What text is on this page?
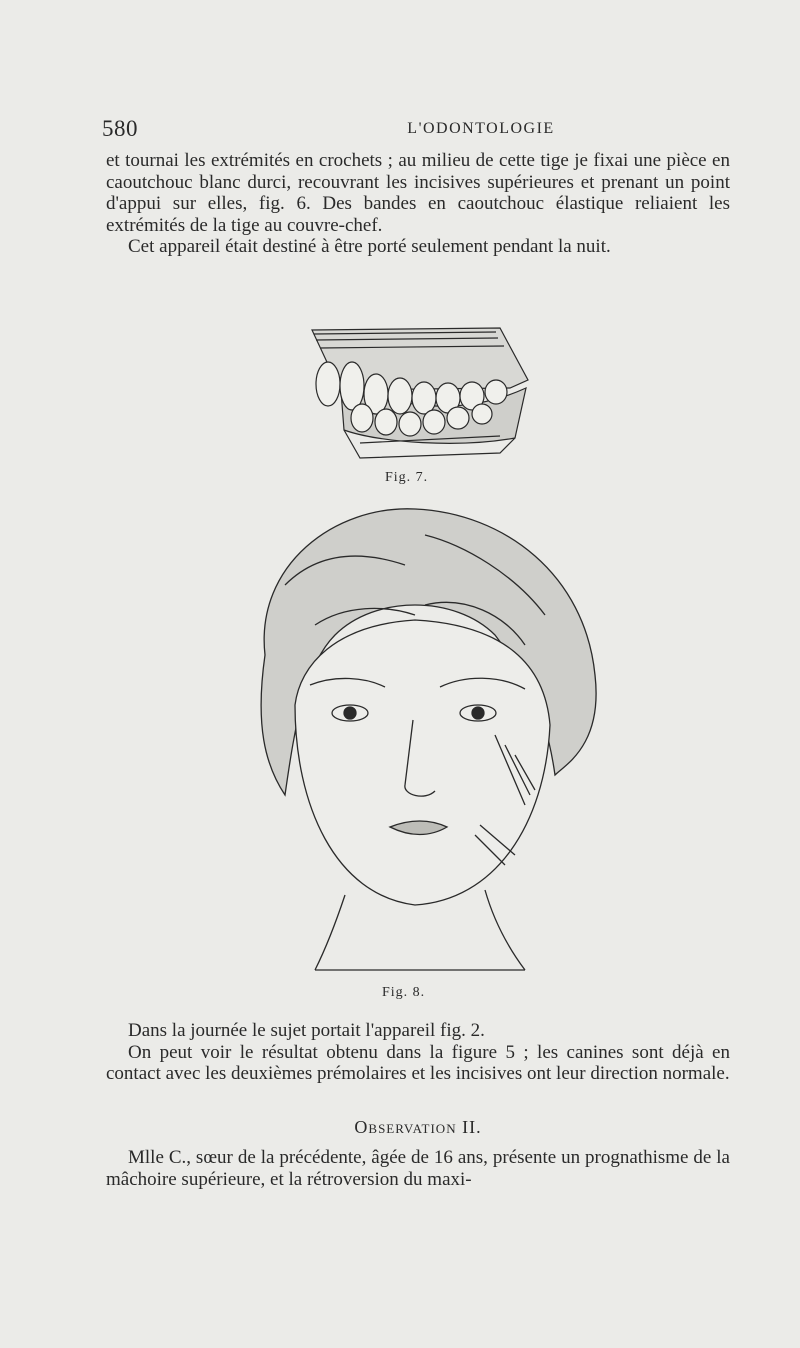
580	L'ODONTOLOGIE

et tournai les extrémités en crochets ; au milieu de cette tige je fixai une pièce en caoutchouc blanc durci, recouvrant les incisives supérieures et prenant un point d'appui sur elles, fig. 6. Des bandes en caoutchouc élastique reliaient les extrémités de la tige au couvre-chef.

Cet appareil était destiné à être porté seulement pendant la nuit.

Fig. 7.
Fig. 8.

Dans la journée le sujet portait l'appareil fig. 2.

On peut voir le résultat obtenu dans la figure 5 ; les canines sont déjà en contact avec les deuxièmes prémolaires et les incisives ont leur direction normale.

Observation II.

Mlle C., sœur de la précédente, âgée de 16 ans, présente un prognathisme de la mâchoire supérieure, et la rétroversion du maxi-
